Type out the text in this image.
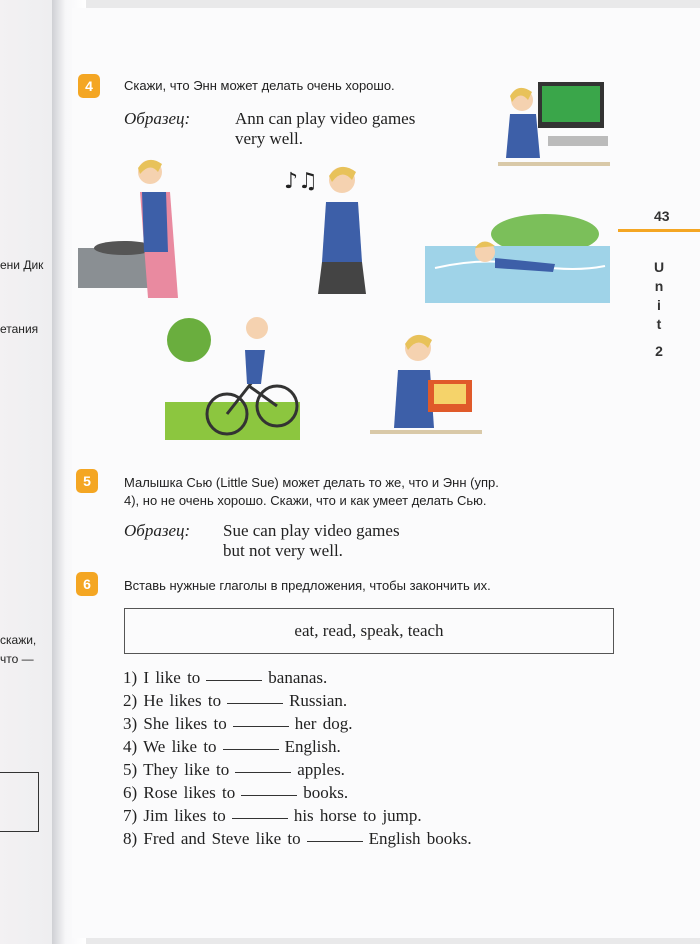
ени Дик
етания
скажи,
что —
43
U
n
i
t
2
4	Скажи, что Энн может делать очень хорошо.
Образец:	Ann can play video games
very well.
♪♫
5	Малышка Сью (Little Sue) может делать то же, что и Энн (упр.
4), но не очень хорошо. Скажи, что и как умеет делать Сью.
Образец: Sue can play video games
but not very well.
6	Вставь нужные глаголы в предложения, чтобы закончить их.
eat, read, speak, teach
1) I like to	bananas.
2) He likes to	Russian.
3) She likes to	her dog.
4) We like to	English.
5) They like to	apples.
6) Rose likes to	books.
7) Jim likes to	his horse to jump.
8) Fred and Steve like to	English books.
